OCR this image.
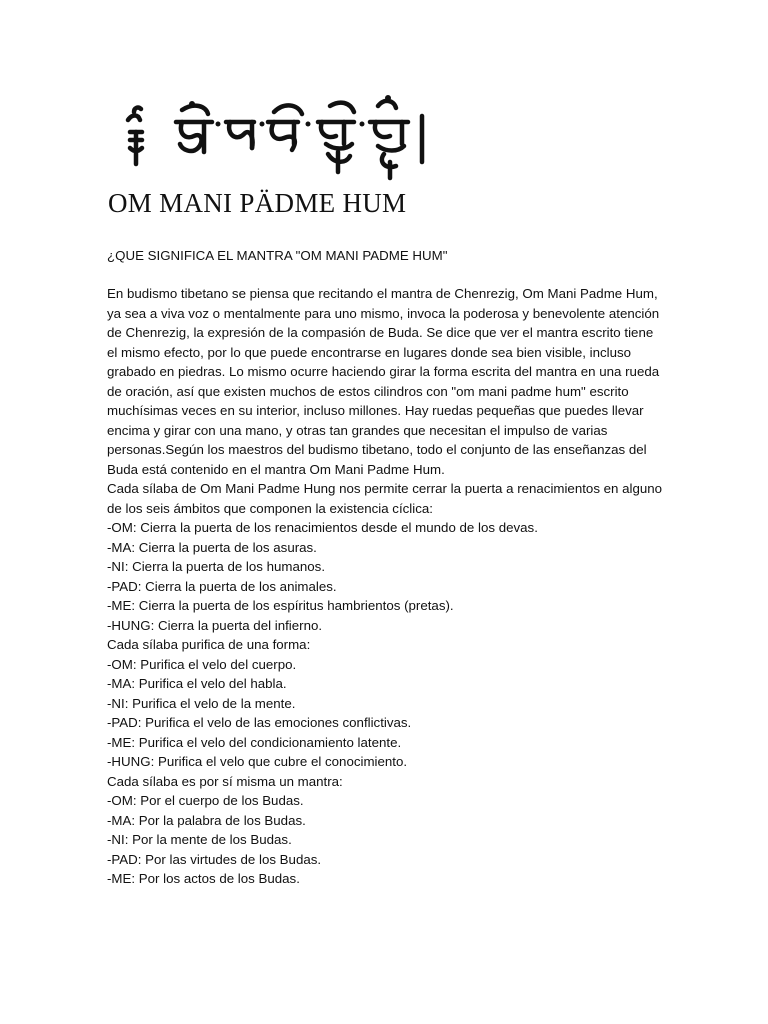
OM MANI PÄDME HUM
¿QUE SIGNIFICA EL MANTRA "OM MANI PADME HUM"
En budismo tibetano se piensa que recitando el mantra de Chenrezig, Om Mani Padme Hum,
ya sea a viva voz o mentalmente para uno mismo, invoca la poderosa y benevolente atención
de Chenrezig, la expresión de la compasión de Buda. Se dice que ver el mantra escrito tiene
el mismo efecto, por lo que puede encontrarse en lugares donde sea bien visible, incluso
grabado en piedras. Lo mismo ocurre haciendo girar la forma escrita del mantra en una rueda
de oración, así que existen muchos de estos cilindros con "om mani padme hum" escrito
muchísimas veces en su interior, incluso millones. Hay ruedas pequeñas que puedes llevar
encima y girar con una mano, y otras tan grandes que necesitan el impulso de varias
personas.Según los maestros del budismo tibetano, todo el conjunto de las enseñanzas del
Buda está contenido en el mantra Om Mani Padme Hum.
Cada sílaba de Om Mani Padme Hung nos permite cerrar la puerta a renacimientos en alguno
de los seis ámbitos que componen la existencia cíclica:
-OM: Cierra la puerta de los renacimientos desde el mundo de los devas.
-MA: Cierra la puerta de los asuras.
-NI: Cierra la puerta de los humanos.
-PAD: Cierra la puerta de los animales.
-ME: Cierra la puerta de los espíritus hambrientos (pretas).
-HUNG: Cierra la puerta del infierno.
Cada sílaba purifica de una forma:
-OM: Purifica el velo del cuerpo.
-MA: Purifica el velo del habla.
-NI: Purifica el velo de la mente.
-PAD: Purifica el velo de las emociones conflictivas.
-ME: Purifica el velo del condicionamiento latente.
-HUNG: Purifica el velo que cubre el conocimiento.
Cada sílaba es por sí misma un mantra:
-OM: Por el cuerpo de los Budas.
-MA: Por la palabra de los Budas.
-NI: Por la mente de los Budas.
-PAD: Por las virtudes de los Budas.
-ME: Por los actos de los Budas.
